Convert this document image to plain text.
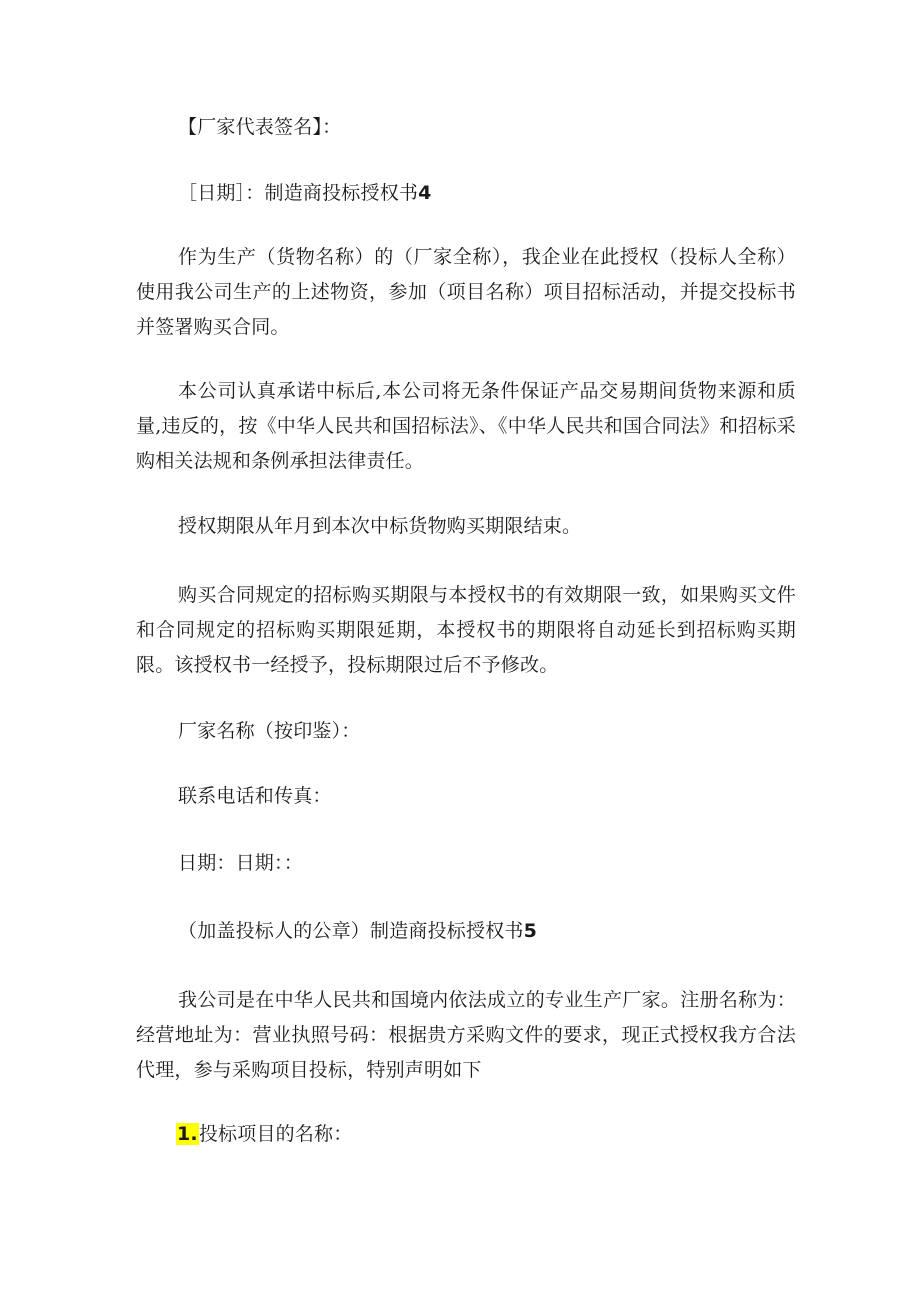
【厂家代表签名】：
［日期］：制造商投标授权书4
作为生产（货物名称）的（厂家全称），我企业在此授权（投标人全称）使用我公司生产的上述物资，参加（项目名称）项目招标活动，并提交投标书并签署购买合同。
本公司认真承诺中标后,本公司将无条件保证产品交易期间货物来源和质量,违反的，按《中华人民共和国招标法》、《中华人民共和国合同法》和招标采购相关法规和条例承担法律责任。
授权期限从年月到本次中标货物购买期限结束。
购买合同规定的招标购买期限与本授权书的有效期限一致，如果购买文件和合同规定的招标购买期限延期，本授权书的期限将自动延长到招标购买期限。该授权书一经授予，投标期限过后不予修改。
厂家名称（按印鉴）：
联系电话和传真：
日期：日期：：
（加盖投标人的公章）制造商投标授权书5
我公司是在中华人民共和国境内依法成立的专业生产厂家。注册名称为：经营地址为：营业执照号码：根据贵方采购文件的要求，现正式授权我方合法代理，参与采购项目投标，特别声明如下
1.投标项目的名称：
